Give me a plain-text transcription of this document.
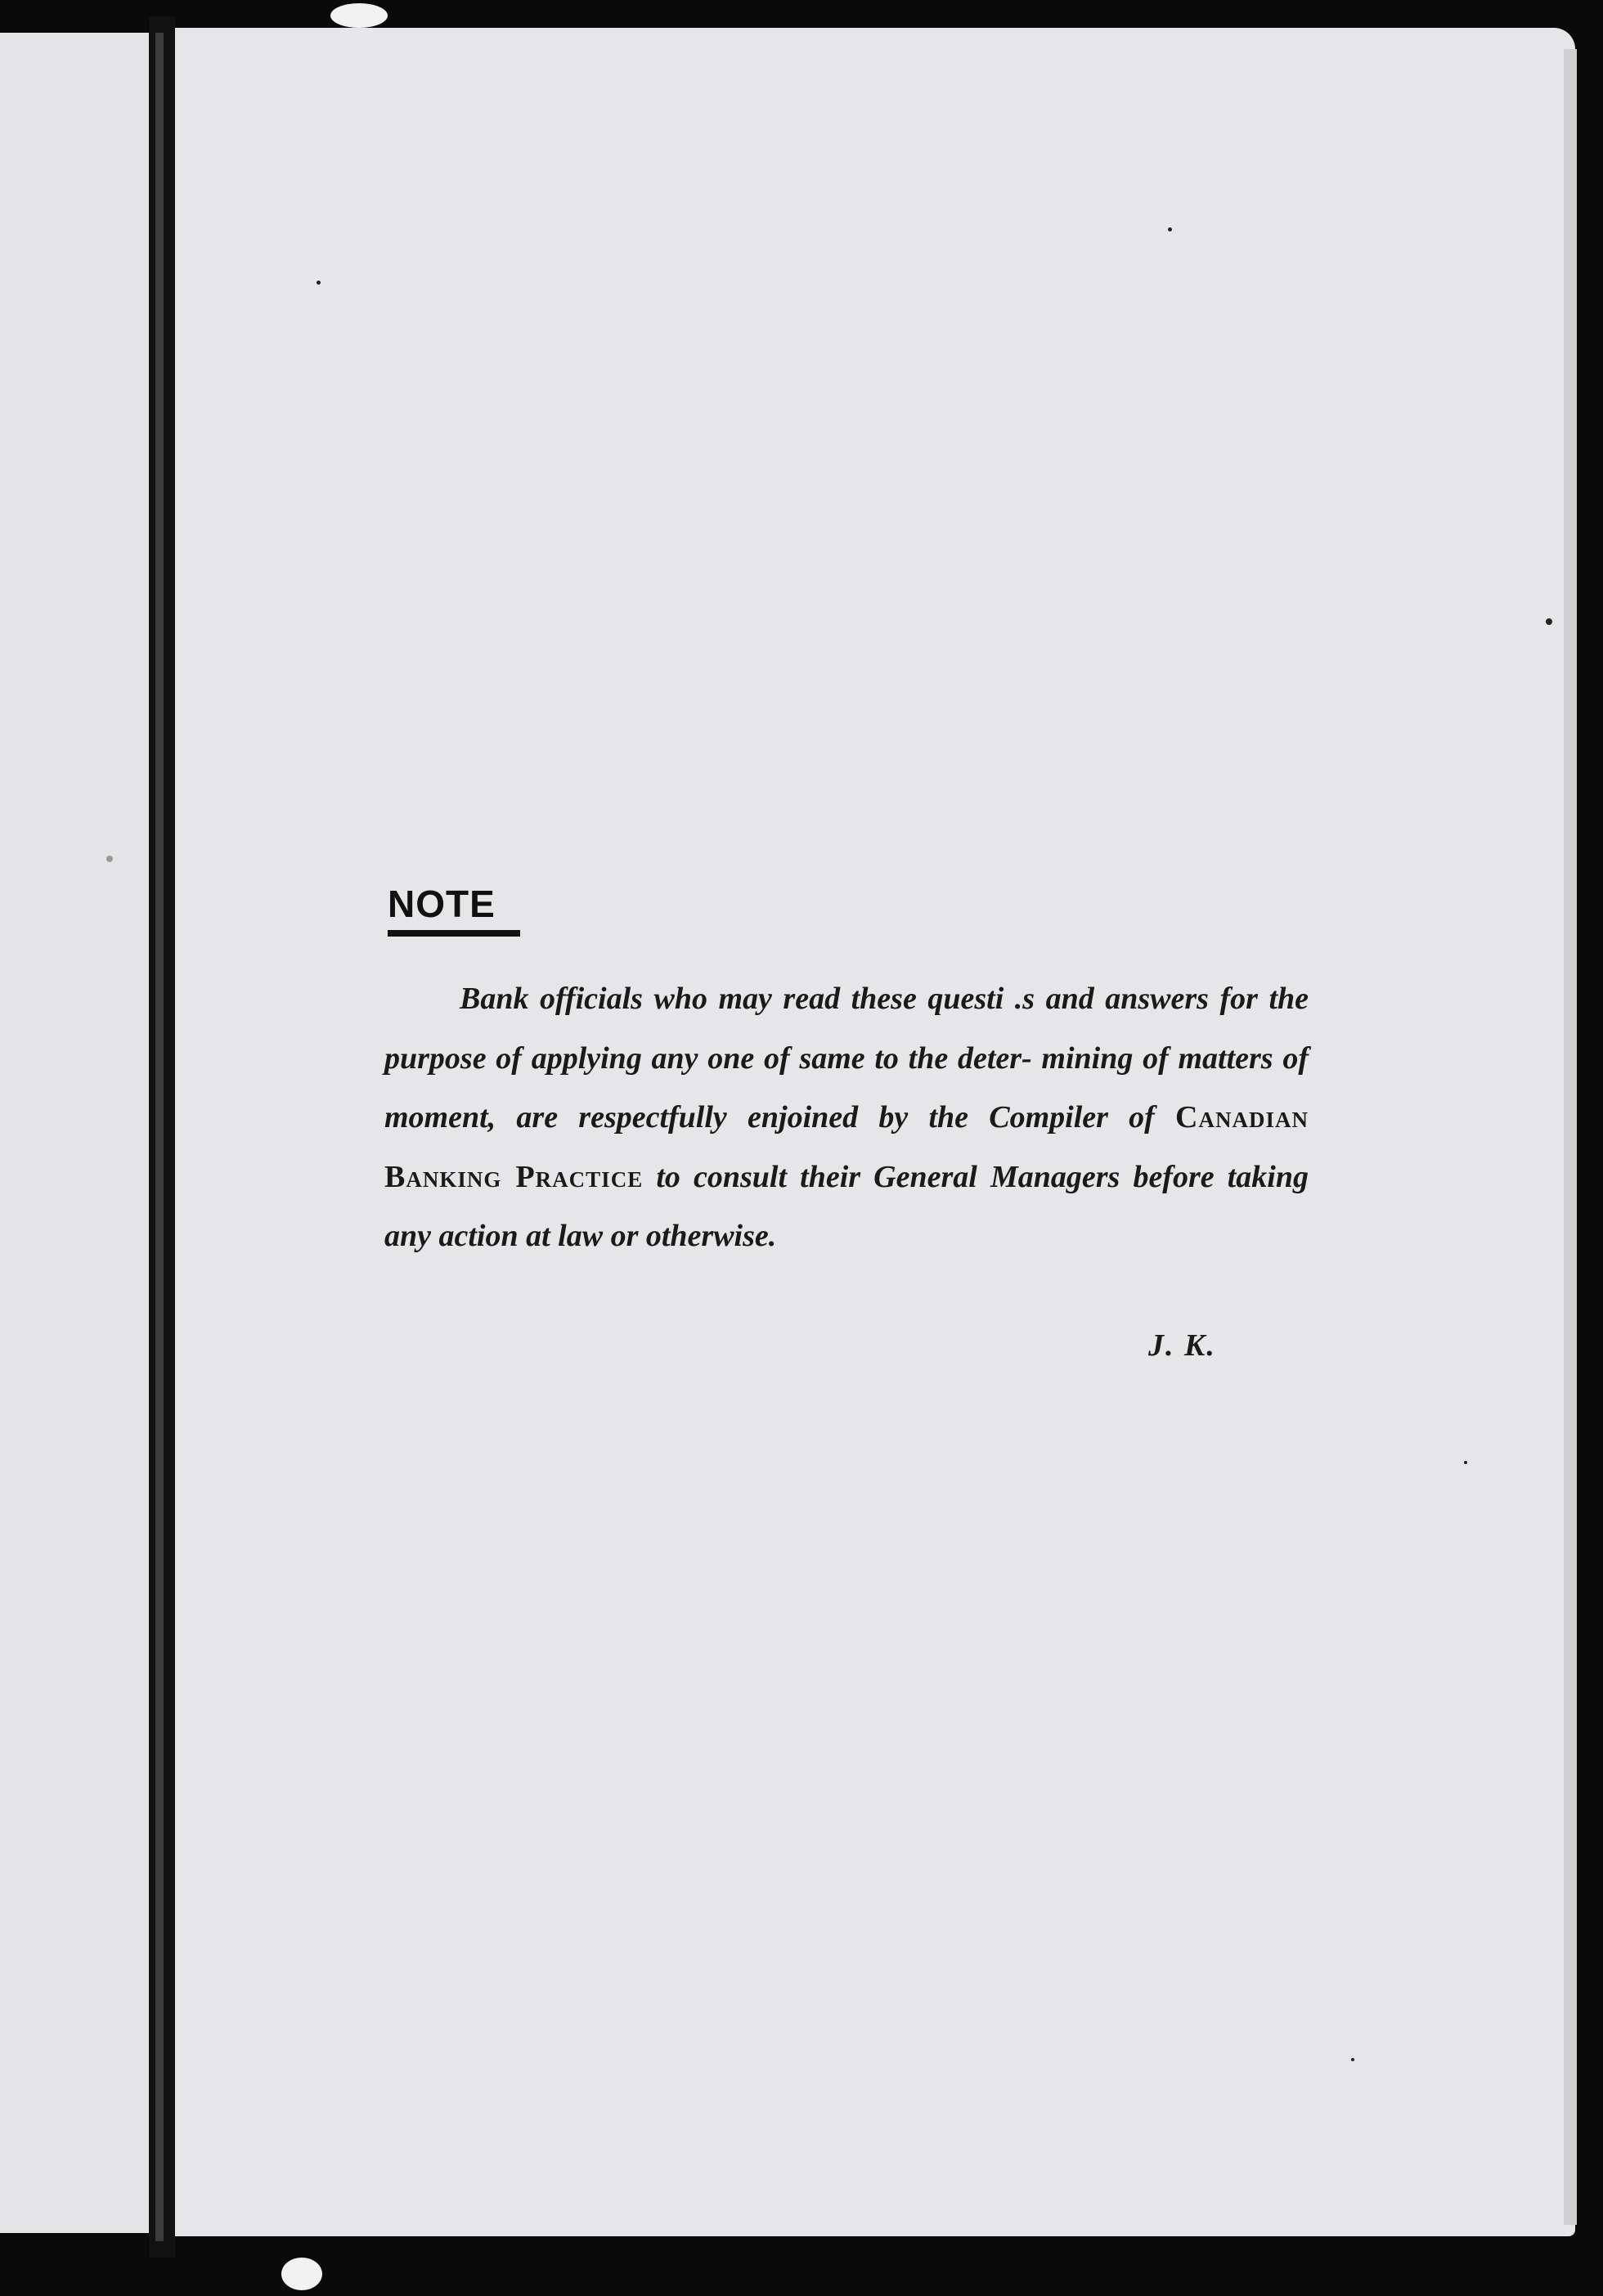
NOTE

Bank officials who may read these questi .s and answers for the purpose of applying any one of same to the deter- mining of matters of moment, are respectfully enjoined by the Compiler of Canadian Banking Practice to consult their General Managers before taking any action at law or otherwise.

J. K.
